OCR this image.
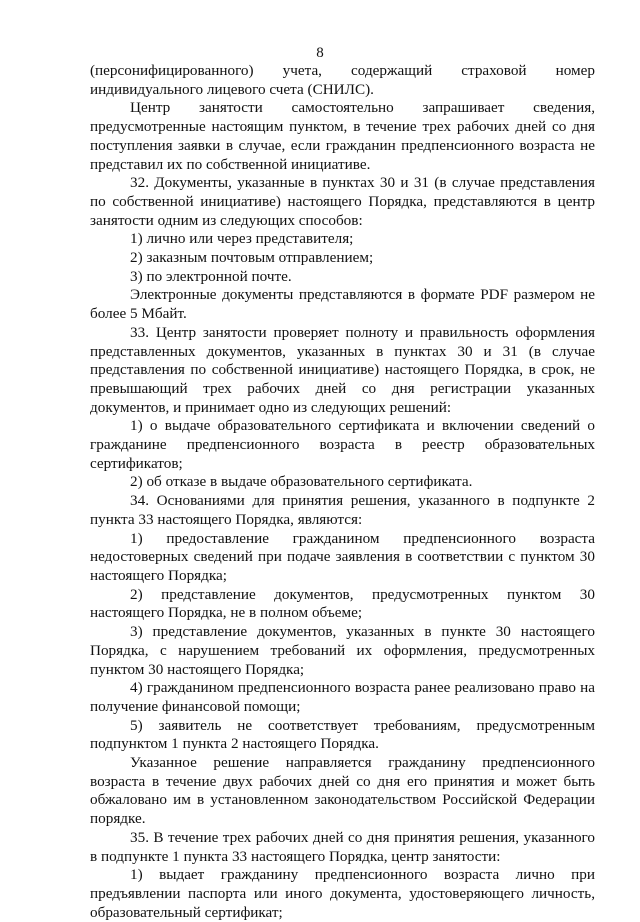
8

(персонифицированного) учета, содержащий страховой номер индивидуального лицевого счета (СНИЛС).

Центр занятости самостоятельно запрашивает сведения, предусмотренные настоящим пунктом, в течение трех рабочих дней со дня поступления заявки в случае, если гражданин предпенсионного возраста не представил их по собственной инициативе.

32. Документы, указанные в пунктах 30 и 31 (в случае представления по собственной инициативе) настоящего Порядка, представляются в центр занятости одним из следующих способов:

1) лично или через представителя;

2) заказным почтовым отправлением;

3) по электронной почте.

Электронные документы представляются в формате PDF размером не более 5 Мбайт.

33. Центр занятости проверяет полноту и правильность оформления представленных документов, указанных в пунктах 30 и 31 (в случае представления по собственной инициативе) настоящего Порядка, в срок, не превышающий трех рабочих дней со дня регистрации указанных документов, и принимает одно из следующих решений:

1) о выдаче образовательного сертификата и включении сведений о гражданине предпенсионного возраста в реестр образовательных сертификатов;

2) об отказе в выдаче образовательного сертификата.

34. Основаниями для принятия решения, указанного в подпункте 2 пункта 33 настоящего Порядка, являются:

1) предоставление гражданином предпенсионного возраста недостоверных сведений при подаче заявления в соответствии с пунктом 30 настоящего Порядка;

2) представление документов, предусмотренных пунктом 30 настоящего Порядка, не в полном объеме;

3) представление документов, указанных в пункте 30 настоящего Порядка, с нарушением требований их оформления, предусмотренных пунктом 30 настоящего Порядка;

4) гражданином предпенсионного возраста ранее реализовано право на получение финансовой помощи;

5) заявитель не соответствует требованиям, предусмотренным подпунктом 1 пункта 2 настоящего Порядка.

Указанное решение направляется гражданину предпенсионного возраста в течение двух рабочих дней со дня его принятия и может быть обжаловано им в установленном законодательством Российской Федерации порядке.

35. В течение трех рабочих дней со дня принятия решения, указанного в подпункте 1 пункта 33 настоящего Порядка, центр занятости:

1) выдает гражданину предпенсионного возраста лично при предъявлении паспорта или иного документа, удостоверяющего личность, образовательный сертификат;
